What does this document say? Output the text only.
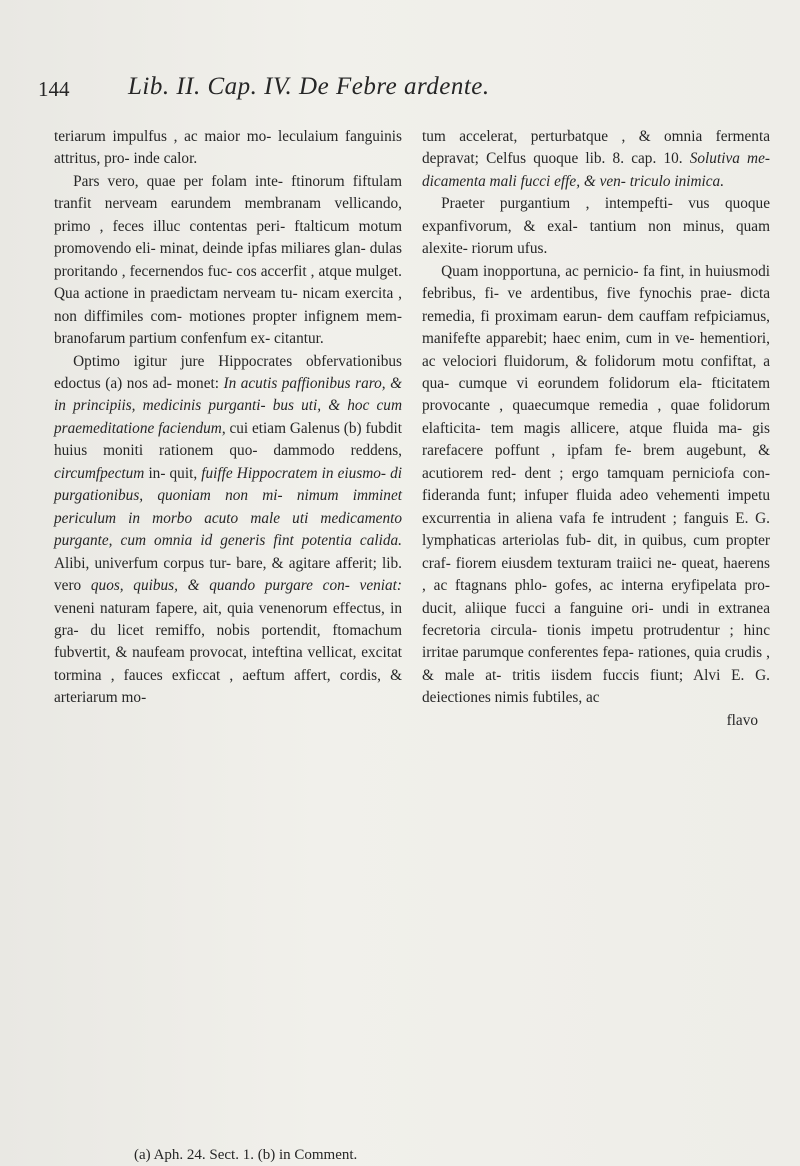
144 Lib. II. Cap. IV. De Febre ardente.

teriarum impulfus , ac maior mo- leculaium fanguinis attritus, pro- inde calor.

Pars vero, quae per folam inte- ftinorum fiftulam tranfit nerveam earundem membranam vellicando, primo , feces illuc contentas peri- ftalticum motum promovendo eli- minat, deinde ipfas miliares glan- dulas proritando , fecernendos fuc- cos accerfit , atque mulget. Qua actione in praedictam nerveam tu- nicam exercita , non diffimiles com- motiones propter infignem mem- branofarum partium confenfum ex- citantur.

Optimo igitur jure Hippocrates obfervationibus edoctus (a) nos ad- monet: In acutis paffionibus raro, & in principiis, medicinis purganti- bus uti, & hoc cum praemeditatione faciendum, cui etiam Galenus (b) fubdit huius moniti rationem quo- dammodo reddens, circumfpectum in- quit, fuiffe Hippocratem in eiusmo- di purgationibus, quoniam non mi- nimum imminet periculum in morbo acuto male uti medicamento purgante, cum omnia id generis fint potentia calida. Alibi, univerfum corpus tur- bare, & agitare afferit; lib. vero quos, quibus, & quando purgare con- veniat: veneni naturam fapere, ait, quia venenorum effectus, in gra- du licet remiffo, nobis portendit, ftomachum fubvertit, & naufeam provocat, inteftina vellicat, excitat tormina , fauces exficcat , aeftum affert, cordis, & arteriarum mo-

tum accelerat, perturbatque , & omnia fermenta depravat; Celfus quoque lib. 8. cap. 10. Solutiva me- dicamenta mali fucci effe, & ven- triculo inimica.

Praeter purgantium , intempefti- vus quoque expanfivorum, & exal- tantium non minus, quam alexite- riorum ufus.

Quam inopportuna, ac pernicio- fa fint, in huiusmodi febribus, fi- ve ardentibus, five fynochis prae- dicta remedia, fi proximam earun- dem cauffam refpiciamus, manifefte apparebit; haec enim, cum in ve- hementiori, ac velociori fluidorum, & folidorum motu confiftat, a qua- cumque vi eorundem folidorum ela- fticitatem provocante , quaecumque remedia , quae folidorum elafticita- tem magis allicere, atque fluida ma- gis rarefacere poffunt , ipfam fe- brem augebunt, & acutiorem red- dent ; ergo tamquam perniciofa con- fideranda funt; infuper fluida adeo vehementi impetu excurrentia in aliena vafa fe intrudent ; fanguis E. G. lymphaticas arteriolas fub- dit, in quibus, cum propter craf- fiorem eiusdem texturam traiici ne- queat, haerens , ac ftagnans phlo- gofes, ac interna eryfipelata pro- ducit, aliique fucci a fanguine ori- undi in extranea fecretoria circula- tionis impetu protrudentur ; hinc irritae parumque conferentes fepa- rationes, quia crudis , & male at- tritis iisdem fuccis fiunt; Alvi E. G. deiectiones nimis fubtiles, ac

flavo

(a) Aph. 24. Sect. 1. (b) in Comment.
